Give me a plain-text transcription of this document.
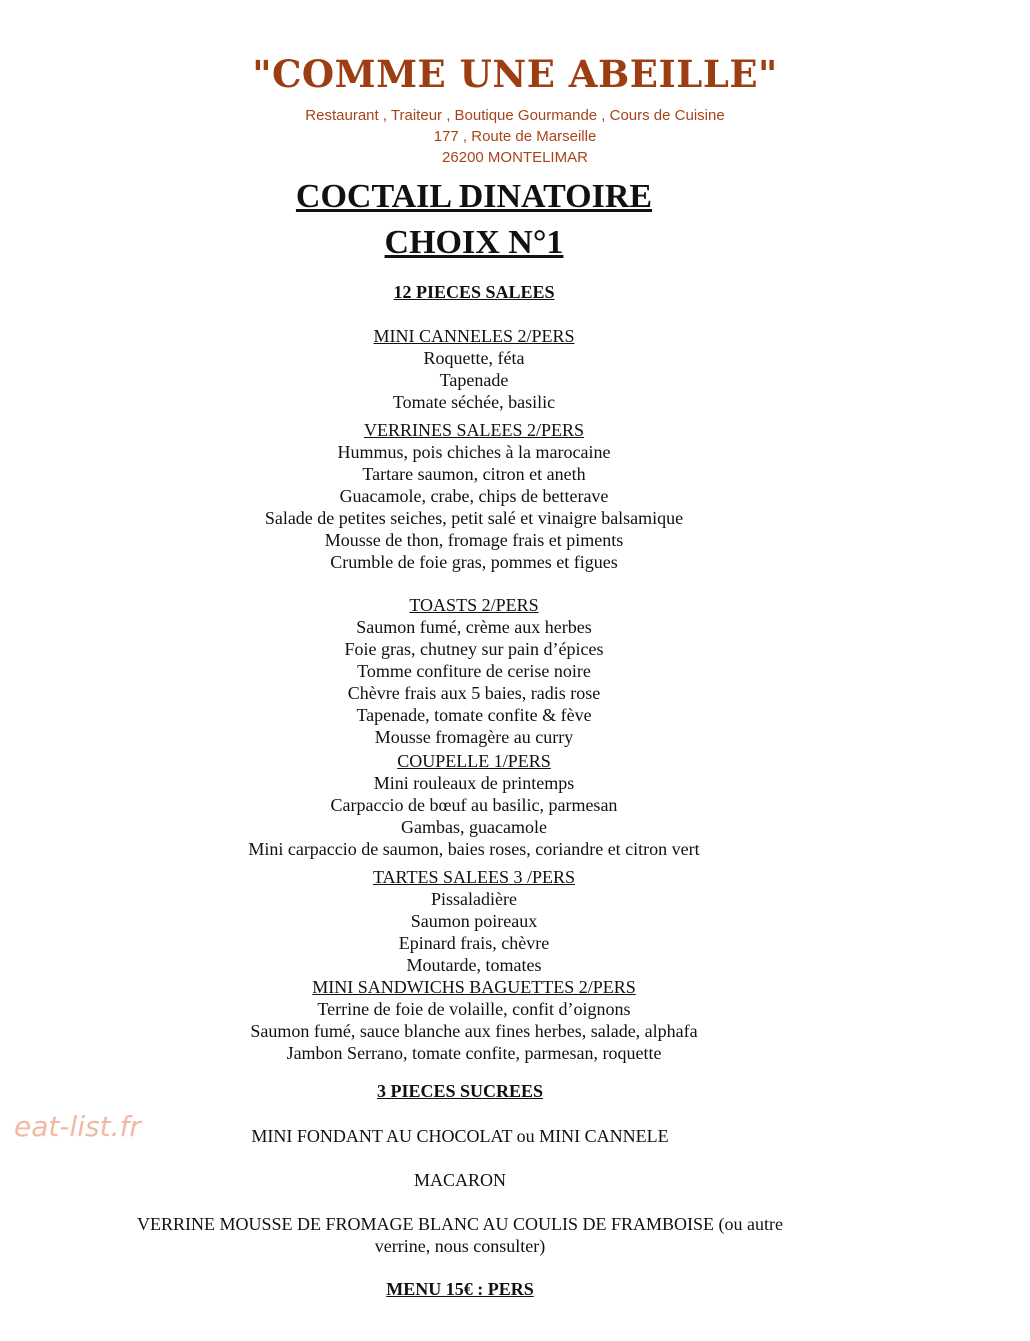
"COMME UNE ABEILLE"
Restaurant , Traiteur , Boutique Gourmande , Cours de Cuisine
177 , Route de Marseille
26200 MONTELIMAR
COCTAIL DINATOIRE
CHOIX N°1
12 PIECES SALEES
MINI CANNELES 2/PERS
Roquette, féta
Tapenade
Tomate séchée, basilic
VERRINES SALEES 2/PERS
Hummus, pois chiches à la marocaine
Tartare saumon, citron et aneth
Guacamole, crabe, chips de betterave
Salade de petites seiches, petit salé et vinaigre balsamique
Mousse de thon, fromage frais et piments
Crumble de foie gras, pommes et figues
TOASTS 2/PERS
Saumon fumé, crème aux herbes
Foie gras, chutney sur pain d’épices
Tomme confiture de cerise noire
Chèvre frais aux 5 baies, radis rose
Tapenade, tomate confite & fève
Mousse fromagère au curry
COUPELLE 1/PERS
Mini rouleaux de printemps
Carpaccio de bœuf au basilic, parmesan
Gambas, guacamole
Mini carpaccio de saumon, baies roses, coriandre et citron vert
TARTES SALEES 3 /PERS
Pissaladière
Saumon poireaux
Epinard frais, chèvre
Moutarde, tomates
MINI SANDWICHS BAGUETTES 2/PERS
Terrine de foie de volaille, confit d’oignons
Saumon fumé, sauce blanche aux fines herbes, salade, alphafa
Jambon Serrano, tomate confite, parmesan, roquette
3 PIECES SUCREES
MINI FONDANT AU CHOCOLAT ou MINI CANNELE
MACARON
VERRINE MOUSSE DE FROMAGE BLANC AU COULIS DE FRAMBOISE (ou autre
verrine, nous consulter)
MENU 15€ : PERS
eat-list.fr
